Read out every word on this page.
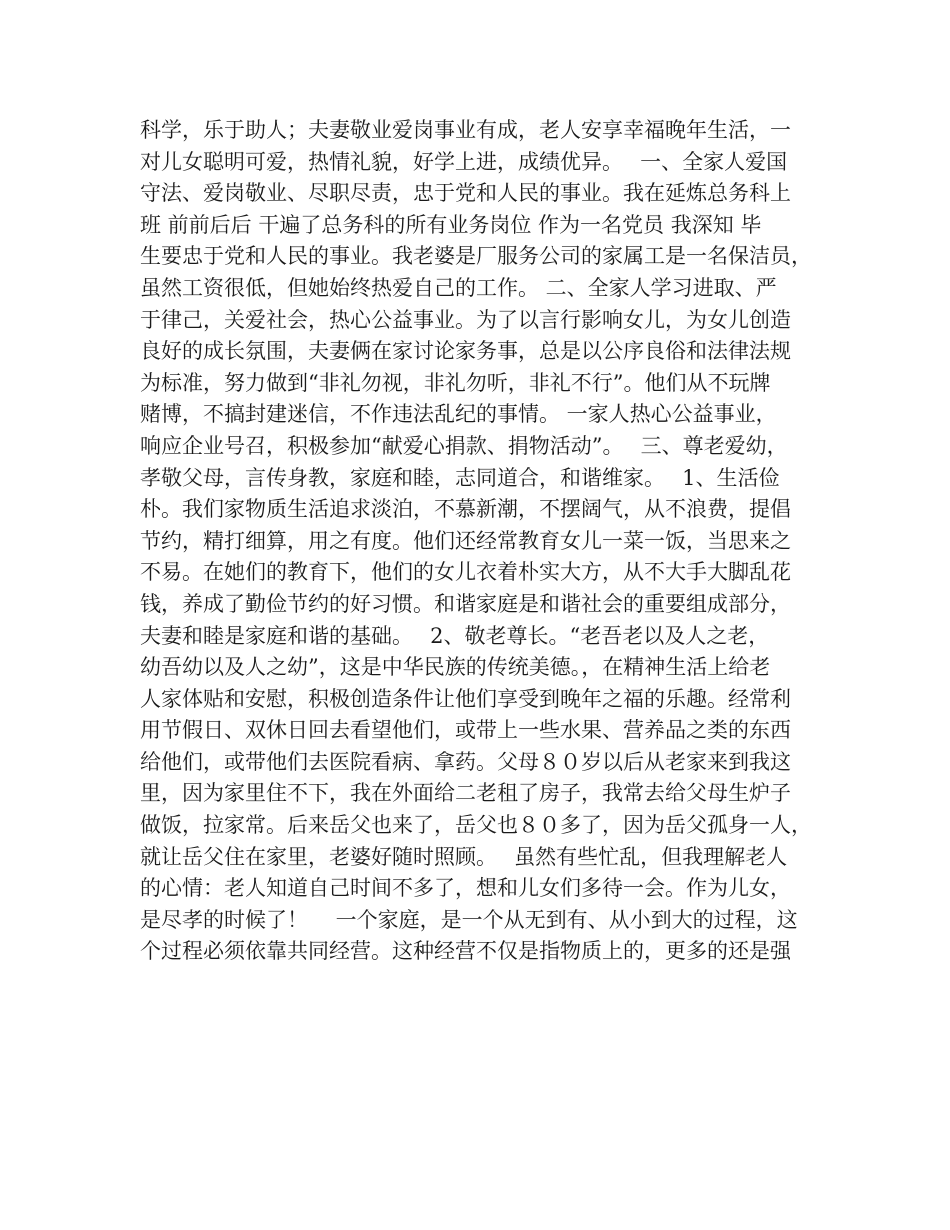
科学，乐于助人；夫妻敬业爱岗事业有成，老人安享幸福晚年生活，一
对儿女聪明可爱，热情礼貌，好学上进，成绩优异。　 一、全家人爱国
守法、爱岗敬业、尽职尽责，忠于党和人民的事业。我在延炼总务科上
班 前前后后 干遍了总务科的所有业务岗位 作为一名党员 我深知 毕
生要忠于党和人民的事业。我老婆是厂服务公司的家属工是一名保洁员，
虽然工资很低，但她始终热爱自己的工作。 二、全家人学习进取、严
于律己，关爱社会，热心公益事业。为了以言行影响女儿，为女儿创造
良好的成长氛围，夫妻俩在家讨论家务事，总是以公序良俗和法律法规
为标准，努力做到“非礼勿视，非礼勿听，非礼不行”。他们从不玩牌
赌博，不搞封建迷信，不作违法乱纪的事情。 一家人热心公益事业，
响应企业号召，积极参加“献爱心捐款、捐物活动”。　 三、尊老爱幼，
孝敬父母，言传身教，家庭和睦，志同道合，和谐维家。　 1、生活俭
朴。我们家物质生活追求淡泊，不慕新潮，不摆阔气，从不浪费，提倡
节约，精打细算，用之有度。他们还经常教育女儿一菜一饭，当思来之
不易。在她们的教育下，他们的女儿衣着朴实大方，从不大手大脚乱花
钱，养成了勤俭节约的好习惯。和谐家庭是和谐社会的重要组成部分，
夫妻和睦是家庭和谐的基础。　 2、敬老尊长。“老吾老以及人之老，
幼吾幼以及人之幼”，这是中华民族的传统美德。，在精神生活上给老
人家体贴和安慰，积极创造条件让他们享受到晚年之福的乐趣。经常利
用节假日、双休日回去看望他们，或带上一些水果、营养品之类的东西
给他们，或带他们去医院看病、拿药。父母８０岁以后从老家来到我这
里，因为家里住不下，我在外面给二老租了房子，我常去给父母生炉子
做饭，拉家常。后来岳父也来了，岳父也８０多了，因为岳父孤身一人，
就让岳父住在家里，老婆好随时照顾。　 虽然有些忙乱，但我理解老人
的心情：老人知道自己时间不多了，想和儿女们多待一会。作为儿女，
是尽孝的时候了！　 一个家庭，是一个从无到有、从小到大的过程，这
个过程必须依靠共同经营。这种经营不仅是指物质上的，更多的还是强
